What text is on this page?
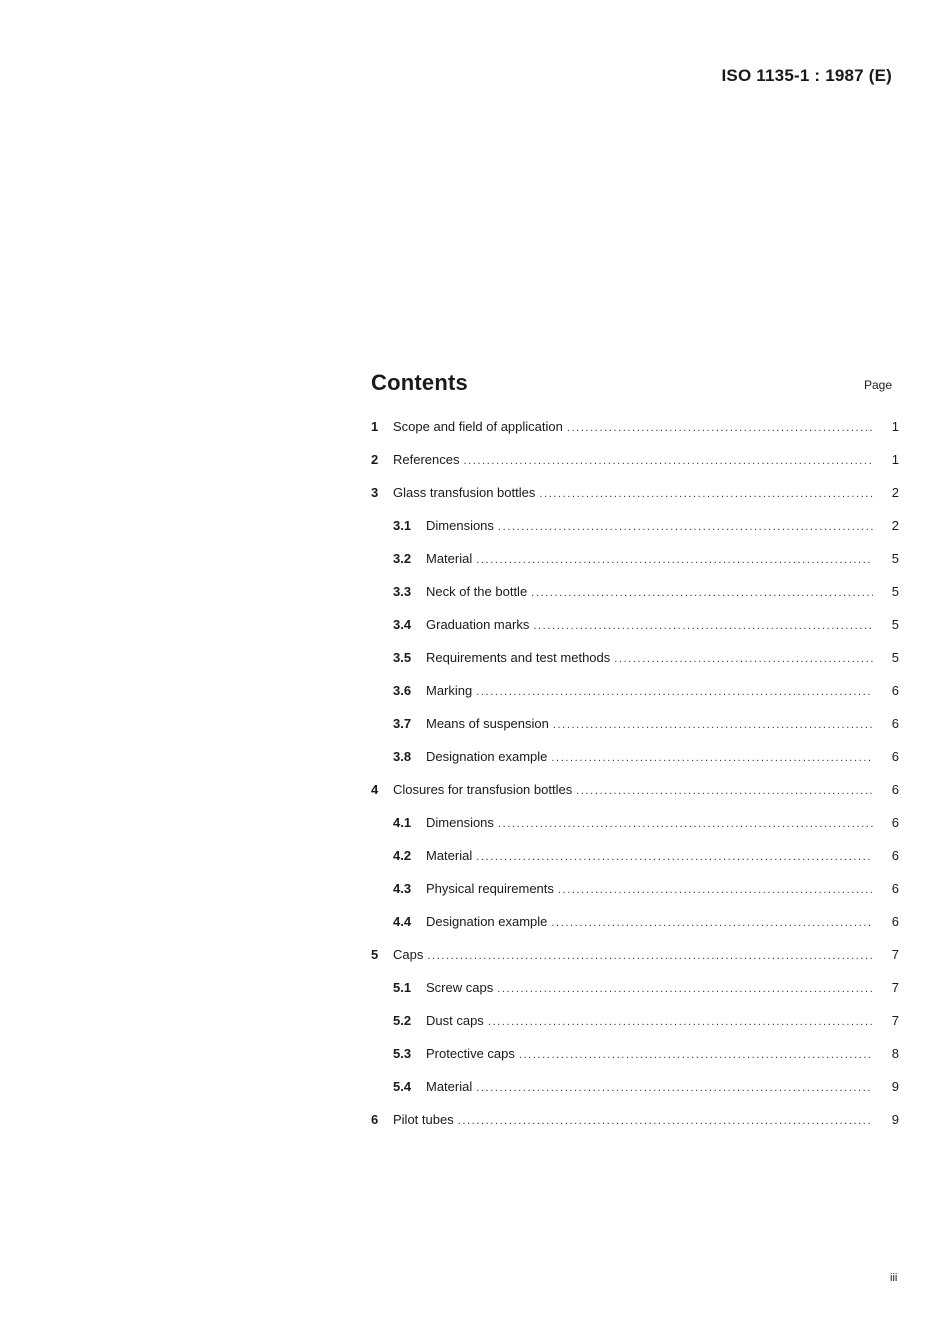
ISO 1135-1 : 1987 (E)
Contents	Page
1	Scope and field of application .....	1
2	References .....	1
3	Glass transfusion bottles .....	2
3.1	Dimensions .....	2
3.2	Material .....	5
3.3	Neck of the bottle .....	5
3.4	Graduation marks .....	5
3.5	Requirements and test methods .....	5
3.6	Marking .....	6
3.7	Means of suspension .....	6
3.8	Designation example .....	6
4	Closures for transfusion bottles .....	6
4.1	Dimensions .....	6
4.2	Material .....	6
4.3	Physical requirements .....	6
4.4	Designation example .....	6
5	Caps .....	7
5.1	Screw caps .....	7
5.2	Dust caps .....	7
5.3	Protective caps .....	8
5.4	Material .....	9
6	Pilot tubes .....	9
iii
